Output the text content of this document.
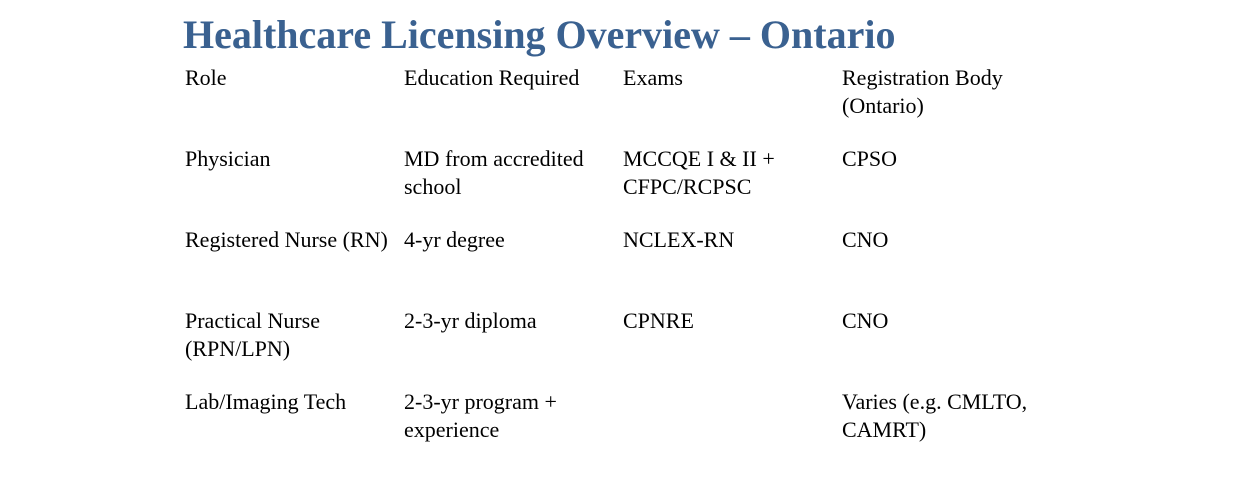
Healthcare Licensing Overview – Ontario
Role	Education Required	Exams	Registration Body (Ontario)
Physician	MD from accredited school	MCCQE I & II + CFPC/RCPSC	CPSO
Registered Nurse (RN)	4-yr degree	NCLEX-RN	CNO
Practical Nurse (RPN/LPN)	2-3-yr diploma	CPNRE	CNO
Lab/Imaging Tech	2-3-yr program + experience		Varies (e.g. CMLTO, CAMRT)
